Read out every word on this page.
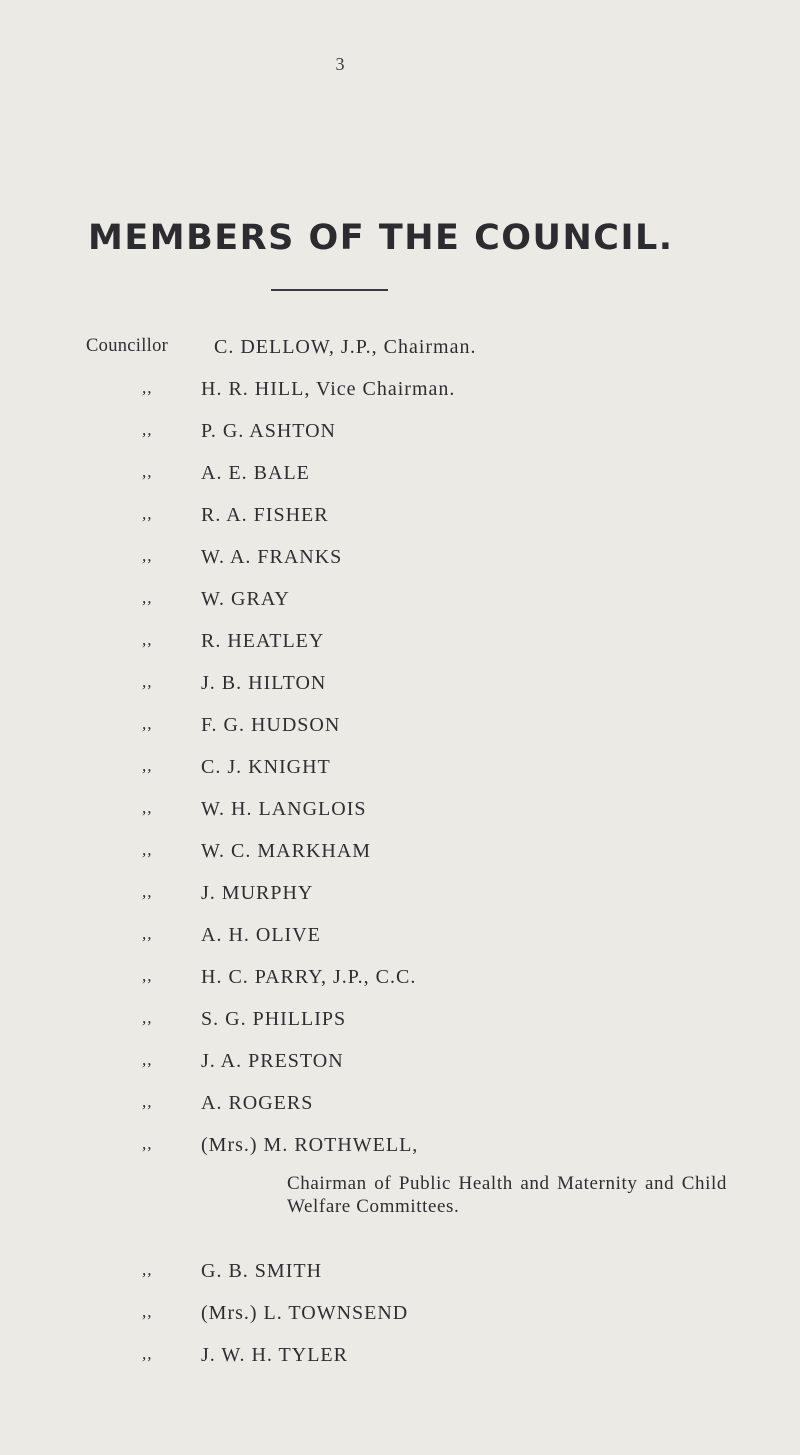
3
MEMBERS OF THE COUNCIL.
Councillor C. DELLOW, J.P., Chairman.
,, H. R. HILL, Vice Chairman.
,, P. G. ASHTON
,, A. E. BALE
,, R. A. FISHER
,, W. A. FRANKS
,, W. GRAY
,, R. HEATLEY
,, J. B. HILTON
,, F. G. HUDSON
,, C. J. KNIGHT
,, W. H. LANGLOIS
,, W. C. MARKHAM
,, J. MURPHY
,, A. H. OLIVE
,, H. C. PARRY, J.P., C.C.
,, S. G. PHILLIPS
,, J. A. PRESTON
,, A. ROGERS
,, (Mrs.) M. ROTHWELL,
Chairman of Public Health and Maternity and Child Welfare Committees.
,, G. B. SMITH
,, (Mrs.) L. TOWNSEND
,, J. W. H. TYLER
